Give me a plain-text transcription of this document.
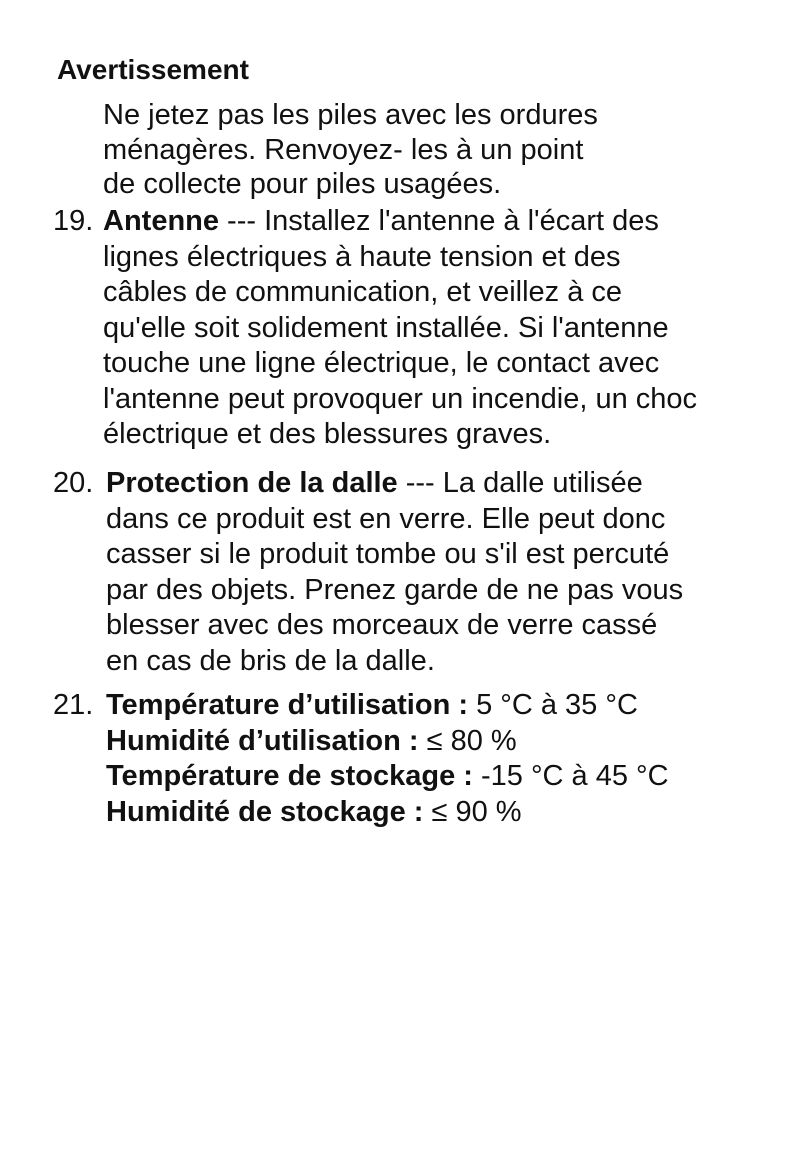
Avertissement
Ne jetez pas les piles avec les ordures
ménagères. Renvoyez- les à un point
de collecte pour piles usagées.
19. Antenne --- Installez l'antenne à l'écart des
lignes électriques à haute tension et des
câbles de communication, et veillez à ce
qu'elle soit solidement installée. Si l'antenne
touche une ligne électrique, le contact avec
l'antenne peut provoquer un incendie, un choc
électrique et des blessures graves.
20. Protection de la dalle --- La dalle utilisée
dans ce produit est en verre. Elle peut donc
casser si le produit tombe ou s'il est percuté
par des objets. Prenez garde de ne pas vous
blesser avec des morceaux de verre cassé
en cas de bris de la dalle.
21. Température d’utilisation : 5 °C à 35 °C
Humidité d’utilisation : ≤ 80 %
Température de stockage : -15 °C à 45 °C
Humidité de stockage : ≤ 90 %
